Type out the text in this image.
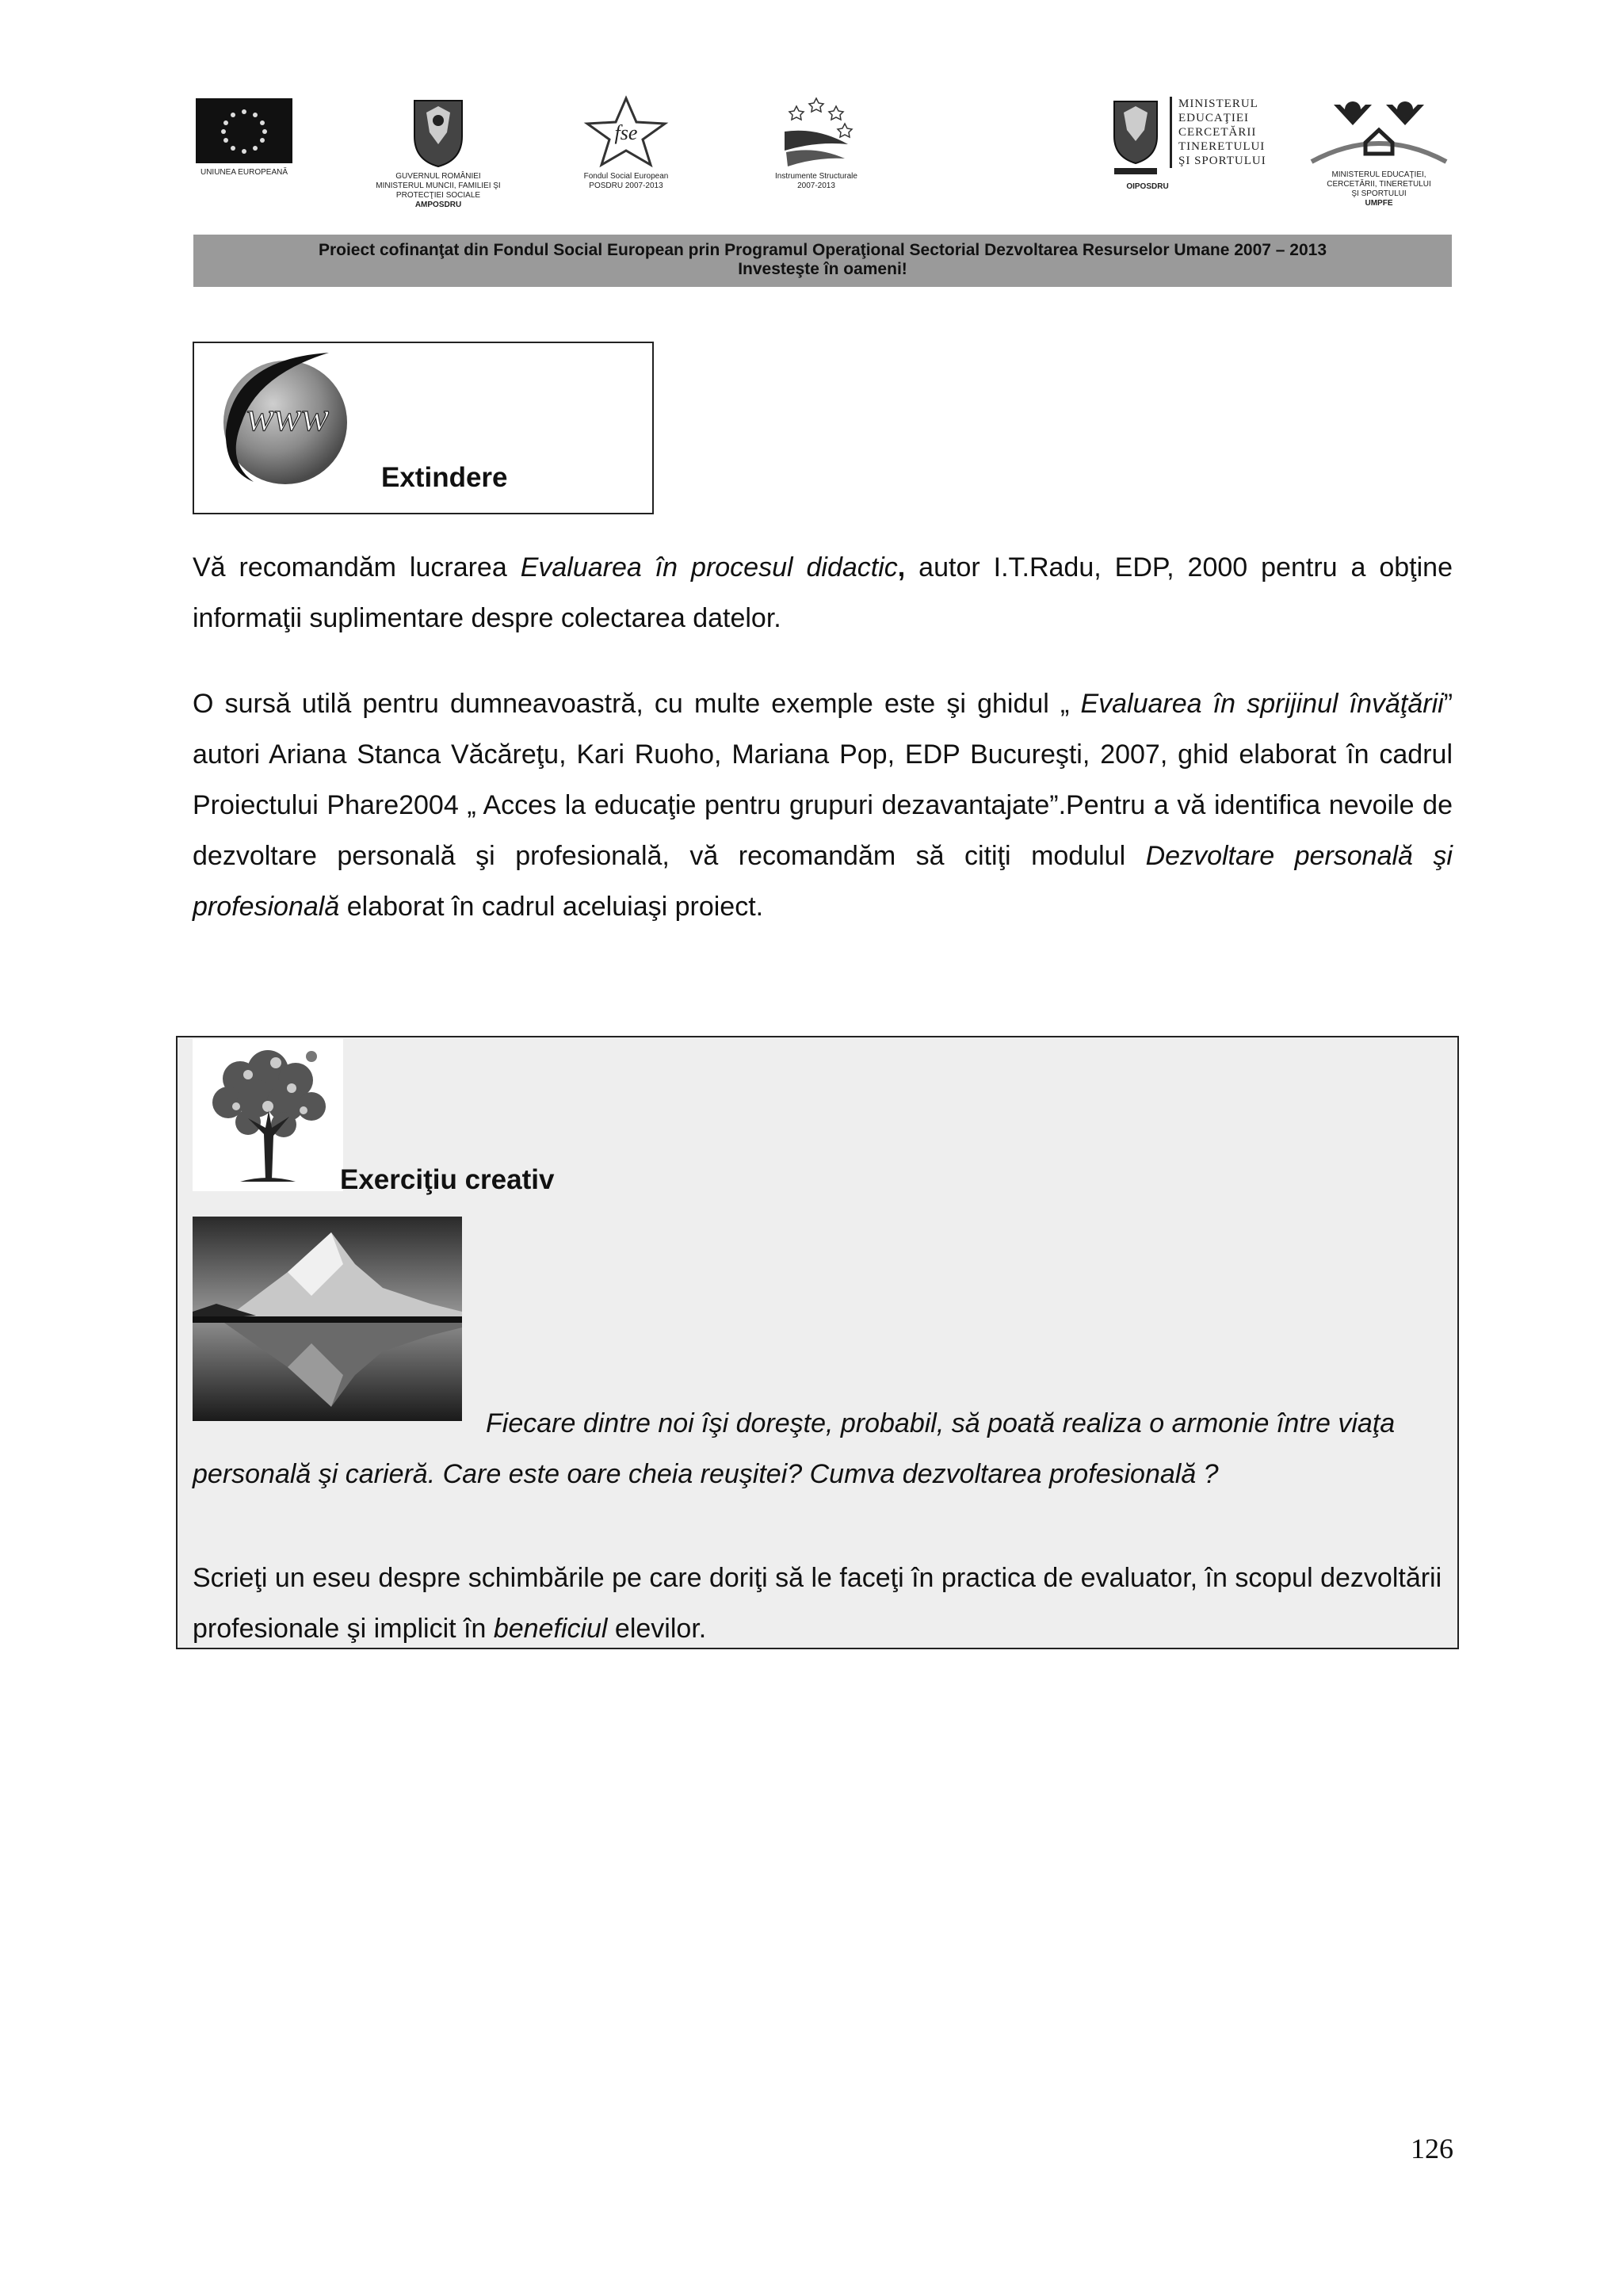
UNIUNEA EUROPEANĂ	GUVERNUL ROMÂNIEI
MINISTERUL MUNCII, FAMILIEI ŞI
PROTECŢIEI SOCIALE
AMPOSDRU
fse
Fondul Social European
POSDRU 2007-2013
Instrumente Structurale
2007-2013
MINISTERUL
EDUCAŢIEI
CERCETĂRII
TINERETULUI
ŞI SPORTULUI
OIPOSDRU
MINISTERUL EDUCAŢIEI,
CERCETĂRII, TINERETULUI
ŞI SPORTULUI
UMPFE
Proiect cofinanţat din Fondul Social European prin Programul Operaţional Sectorial Dezvoltarea Resurselor Umane 2007 – 2013
Investeşte în oameni!
www
Extindere
Vă recomandăm lucrarea Evaluarea în procesul didactic, autor I.T.Radu, EDP, 2000 pentru a obţine informaţii suplimentare despre colectarea datelor.
O sursă utilă pentru dumneavoastră, cu multe exemple este şi ghidul „ Evaluarea în sprijinul învăţării” autori Ariana Stanca Văcăreţu, Kari Ruoho, Mariana Pop, EDP Bucureşti, 2007, ghid elaborat în cadrul Proiectului Phare2004 „ Acces la educaţie pentru grupuri dezavantajate”.Pentru a vă identifica nevoile de dezvoltare personală şi profesională, vă recomandăm să citiţi modulul Dezvoltare personală şi profesională elaborat în cadrul aceluiaşi proiect.
Exerciţiu creativ
Fiecare dintre noi îşi doreşte, probabil, să poată realiza o armonie între viaţa personală şi carieră. Care este oare cheia reuşitei? Cumva dezvoltarea profesională ?
Scrieţi un eseu despre schimbările pe care doriţi să le faceţi în practica de evaluator, în scopul dezvoltării profesionale şi implicit în beneficiul elevilor.
126
